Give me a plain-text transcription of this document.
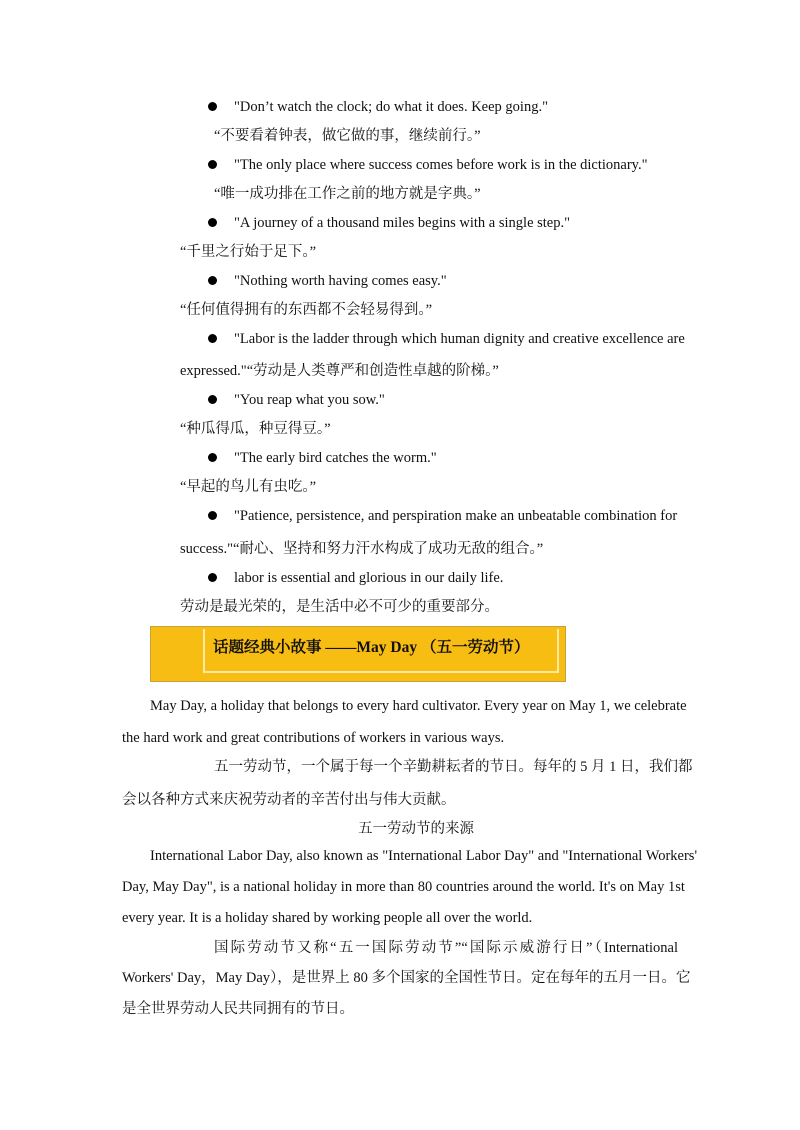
"Don’t watch the clock; do what it does. Keep going."
“不要看着钟表，做它做的事，继续前行。”
"The only place where success comes before work is in the dictionary."
“唯一成功排在工作之前的地方就是字典。”
"A journey of a thousand miles begins with a single step."
“千里之行始于足下。”
"Nothing worth having comes easy."
“任何值得拥有的东西都不会轻易得到。”
"Labor is the ladder through which human dignity and creative excellence are
expressed."“劳动是人类尊严和创造性卓越的阶梯。”
"You reap what you sow."
“种瓜得瓜，种豆得豆。”
"The early bird catches the worm."
“早起的鸟儿有虫吃。”
"Patience, persistence, and perspiration make an unbeatable combination for
success."“耐心、坚持和努力汗水构成了成功无敌的组合。”
labor is essential and glorious in our daily life.
劳动是最光荣的，是生活中必不可少的重要部分。
话题经典小故事 ——May Day （五一劳动节）
May Day, a holiday that belongs to every hard cultivator. Every year on May 1, we celebrate
the hard work and great contributions of workers in various ways.
五一劳动节，一个属于每一个辛勤耕耘者的节日。每年的 5 月 1 日，我们都
会以各种方式来庆祝劳动者的辛苦付出与伟大贡献。
五一劳动节的来源
International Labor Day, also known as "International Labor Day" and "International Workers'
Day, May Day", is a national holiday in more than 80 countries around the world. It's on May 1st
every year. It is a holiday shared by working people all over the world.
国际劳动节又称“五一国际劳动节”“国际示威游行日”（International
Workers' Day，May Day），是世界上 80 多个国家的全国性节日。定在每年的五月一日。它
是全世界劳动人民共同拥有的节日。
